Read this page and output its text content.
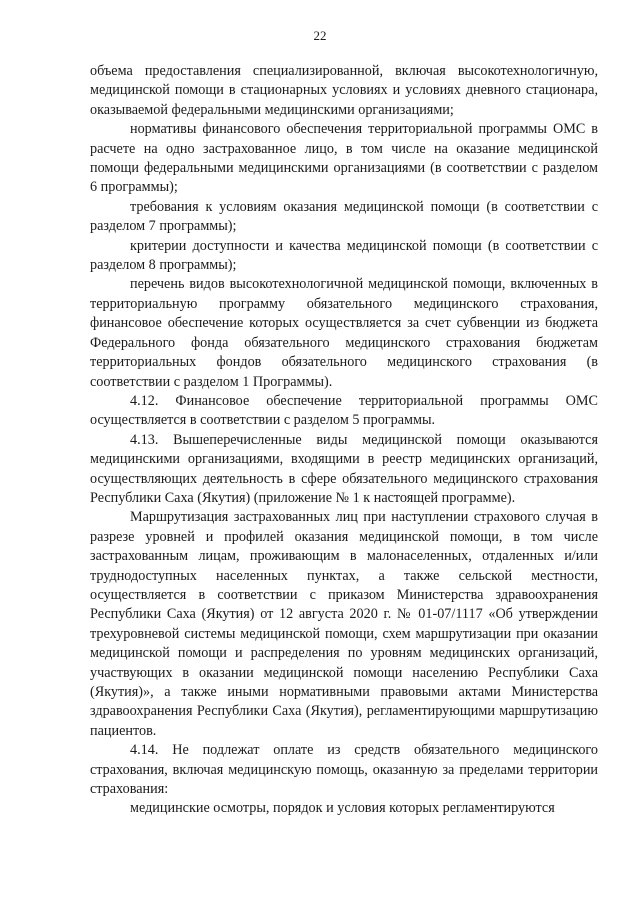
22

объема предоставления специализированной, включая высокотехнологичную, медицинской помощи в стационарных условиях и условиях дневного стационара, оказываемой федеральными медицинскими организациями;

нормативы финансового обеспечения территориальной программы ОМС в расчете на одно застрахованное лицо, в том числе на оказание медицинской помощи федеральными медицинскими организациями (в соответствии с разделом 6 программы);

требования к условиям оказания медицинской помощи (в соответствии с разделом 7 программы);

критерии доступности и качества медицинской помощи (в соответствии с разделом 8 программы);

перечень видов высокотехнологичной медицинской помощи, включенных в территориальную программу обязательного медицинского страхования, финансовое обеспечение которых осуществляется за счет субвенции из бюджета Федерального фонда обязательного медицинского страхования бюджетам территориальных фондов обязательного медицинского страхования (в соответствии с разделом 1 Программы).

4.12. Финансовое обеспечение территориальной программы ОМС осуществляется в соответствии с разделом 5 программы.

4.13. Вышеперечисленные виды медицинской помощи оказываются медицинскими организациями, входящими в реестр медицинских организаций, осуществляющих деятельность в сфере обязательного медицинского страхования Республики Саха (Якутия) (приложение № 1 к настоящей программе).

Маршрутизация застрахованных лиц при наступлении страхового случая в разрезе уровней и профилей оказания медицинской помощи, в том числе застрахованным лицам, проживающим в малонаселенных, отдаленных и/или труднодоступных населенных пунктах, а также сельской местности, осуществляется в соответствии с приказом Министерства здравоохранения Республики Саха (Якутия) от 12 августа 2020 г. № 01-07/1117 «Об утверждении трехуровневой системы медицинской помощи, схем маршрутизации при оказании медицинской помощи и распределения по уровням медицинских организаций, участвующих в оказании медицинской помощи населению Республики Саха (Якутия)», а также иными нормативными правовыми актами Министерства здравоохранения Республики Саха (Якутия), регламентирующими маршрутизацию пациентов.

4.14. Не подлежат оплате из средств обязательного медицинского страхования, включая медицинскую помощь, оказанную за пределами территории страхования:

медицинские осмотры, порядок и условия которых регламентируются
